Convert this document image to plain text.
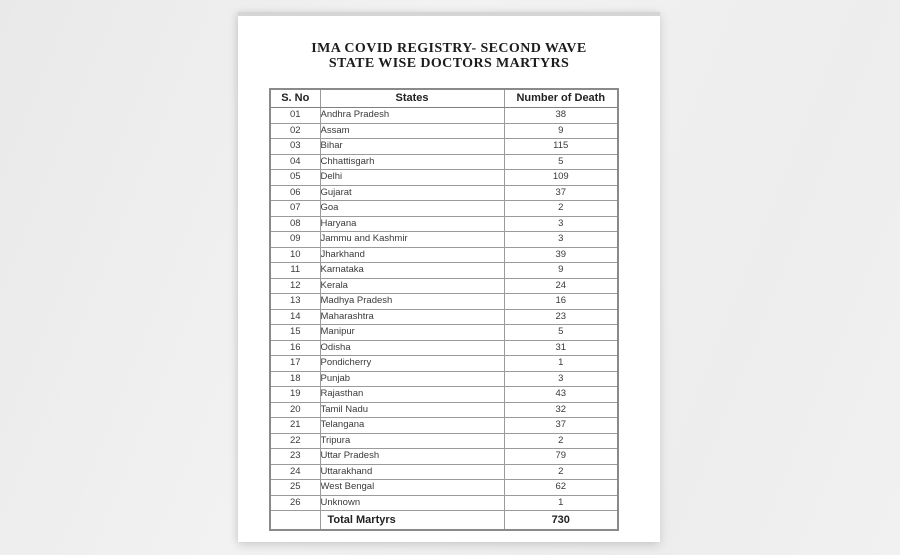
IMA COVID REGISTRY- SECOND WAVE
STATE WISE DOCTORS MARTYRS
S. No	States	Number of Death
01	Andhra Pradesh	38
02	Assam	9
03	Bihar	115
04	Chhattisgarh	5
05	Delhi	109
06	Gujarat	37
07	Goa	2
08	Haryana	3
09	Jammu and Kashmir	3
10	Jharkhand	39
11	Karnataka	9
12	Kerala	24
13	Madhya Pradesh	16
14	Maharashtra	23
15	Manipur	5
16	Odisha	31
17	Pondicherry	1
18	Punjab	3
19	Rajasthan	43
20	Tamil Nadu	32
21	Telangana	37
22	Tripura	2
23	Uttar Pradesh	79
24	Uttarakhand	2
25	West Bengal	62
26	Unknown	1
	Total Martyrs	730
